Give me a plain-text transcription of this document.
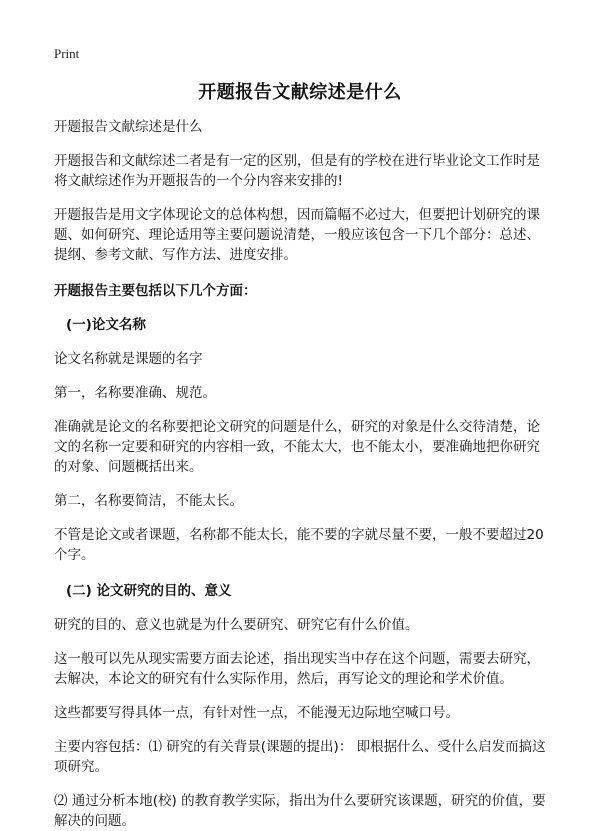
Print
开题报告文献综述是什么

开题报告文献综述是什么

开题报告和文献综述二者是有一定的区别，但是有的学校在进行毕业论文工作时是将文献综述作为开题报告的一个分内容来安排的!

开题报告是用文字体现论文的总体构想，因而篇幅不必过大，但要把计划研究的课题、如何研究、理论适用等主要问题说清楚，一般应该包含一下几个部分：总述、提纲、参考文献、写作方法、进度安排。

开题报告主要包括以下几个方面：

(一)论文名称

论文名称就是课题的名字

第一，名称要准确、规范。

准确就是论文的名称要把论文研究的问题是什么，研究的对象是什么交待清楚，论文的名称一定要和研究的内容相一致，不能太大，也不能太小，要准确地把你研究的对象、问题概括出来。

第二，名称要简洁，不能太长。

不管是论文或者课题，名称都不能太长，能不要的字就尽量不要，一般不要超过20个字。

(二) 论文研究的目的、意义

研究的目的、意义也就是为什么要研究、研究它有什么价值。

这一般可以先从现实需要方面去论述，指出现实当中存在这个问题，需要去研究，去解决，本论文的研究有什么实际作用，然后，再写论文的理论和学术价值。

这些都要写得具体一点，有针对性一点，不能漫无边际地空喊口号。

主要内容包括：⑴ 研究的有关背景(课题的提出)： 即根据什么、受什么启发而搞这项研究。

⑵ 通过分析本地(校) 的教育教学实际，指出为什么要研究该课题，研究的价值，要解决的问题。
